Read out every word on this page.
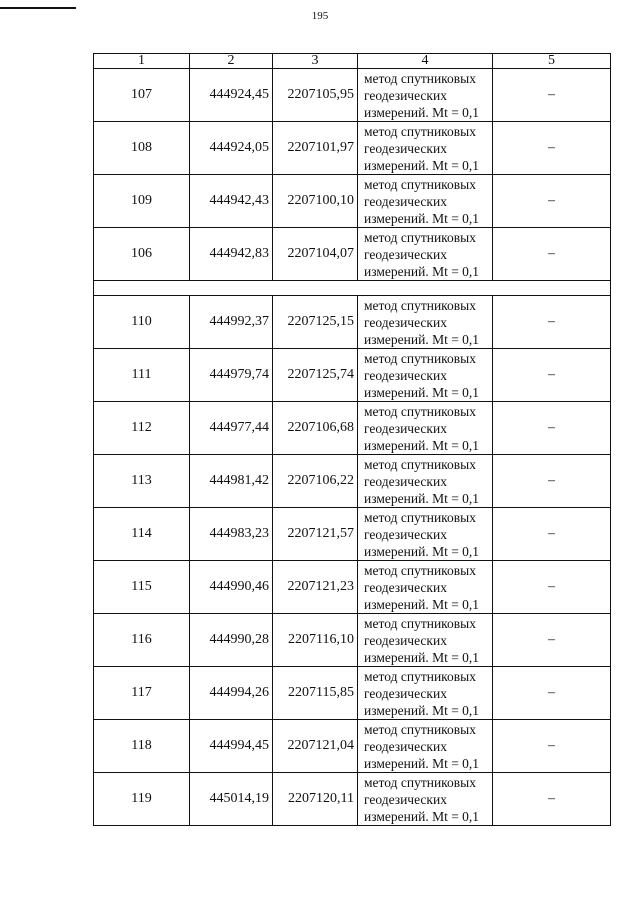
195
1	2	3	4	5
107	444924,45	2207105,95	метод спутниковых
геодезических
измерений. Mt = 0,1	–
108	444924,05	2207101,97	метод спутниковых
геодезических
измерений. Mt = 0,1	–
109	444942,43	2207100,10	метод спутниковых
геодезических
измерений. Mt = 0,1	–
106	444942,83	2207104,07	метод спутниковых
геодезических
измерений. Mt = 0,1	–

110	444992,37	2207125,15	метод спутниковых
геодезических
измерений. Mt = 0,1	–
111	444979,74	2207125,74	метод спутниковых
геодезических
измерений. Mt = 0,1	–
112	444977,44	2207106,68	метод спутниковых
геодезических
измерений. Mt = 0,1	–
113	444981,42	2207106,22	метод спутниковых
геодезических
измерений. Mt = 0,1	–
114	444983,23	2207121,57	метод спутниковых
геодезических
измерений. Mt = 0,1	–
115	444990,46	2207121,23	метод спутниковых
геодезических
измерений. Mt = 0,1	–
116	444990,28	2207116,10	метод спутниковых
геодезических
измерений. Mt = 0,1	–
117	444994,26	2207115,85	метод спутниковых
геодезических
измерений. Mt = 0,1	–
118	444994,45	2207121,04	метод спутниковых
геодезических
измерений. Mt = 0,1	–
119	445014,19	2207120,11	метод спутниковых
геодезических
измерений. Mt = 0,1	–
